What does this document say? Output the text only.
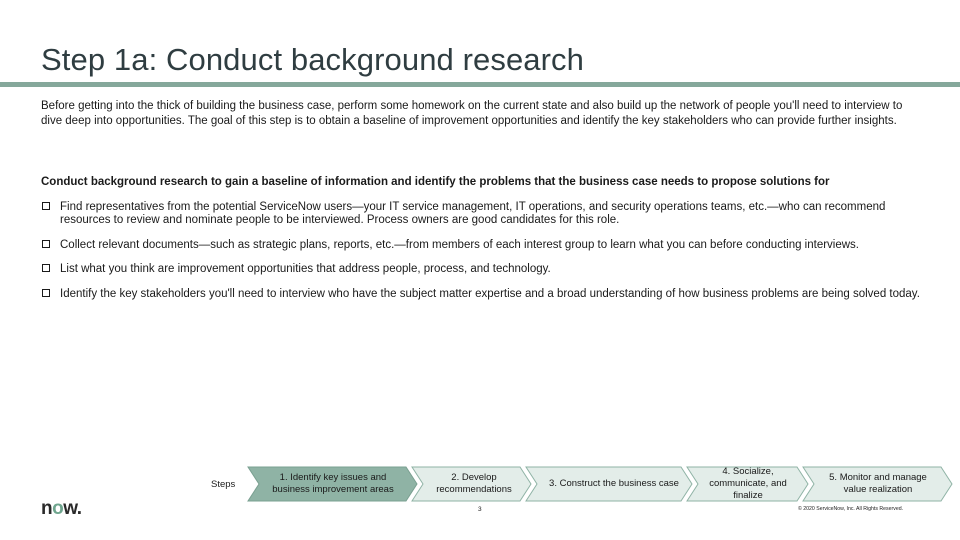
Step 1a: Conduct background research

Before getting into the thick of building the business case, perform some homework on the current state and also build up the network of people you'll need to interview to dive deep into opportunities. The goal of this step is to obtain a baseline of improvement opportunities and identify the key stakeholders who can provide further insights.

Conduct background research to gain a baseline of information and identify the problems that the business case needs to propose solutions for

Find representatives from the potential ServiceNow users—your IT service management, IT operations, and security operations teams, etc.—who can recommend resources to review and nominate people to be interviewed. Process owners are good candidates for this role.
Collect relevant documents—such as strategic plans, reports, etc.—from members of each interest group to learn what you can before conducting interviews.
List what you think are improvement opportunities that address people, process, and technology.
Identify the key stakeholders you'll need to interview who have the subject matter expertise and a broad understanding of how business problems are being solved today.
now.
Steps
1. Identify key issues and business improvement areas
2. Develop recommendations
3. Construct the business case
4. Socialize, communicate, and finalize
5. Monitor and manage value realization
3	© 2020 ServiceNow, Inc. All Rights Reserved.
